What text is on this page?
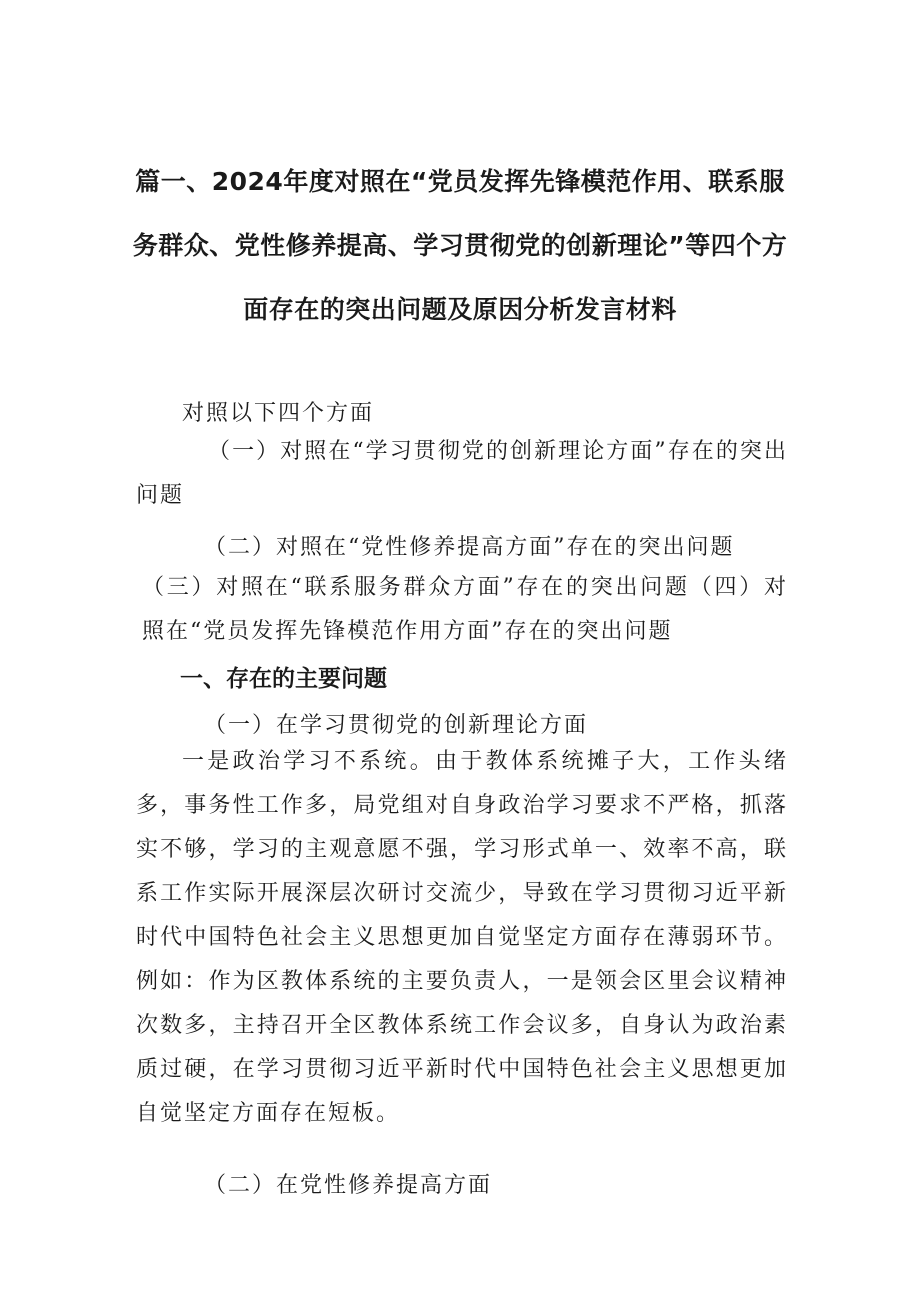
篇一、2024年度对照在“党员发挥先锋模范作用、联系服务群众、党性修养提高、学习贯彻党的创新理论”等四个方面存在的突出问题及原因分析发言材料

对照以下四个方面

（一）对照在“学习贯彻党的创新理论方面”存在的突出问题

（二）对照在“党性修养提高方面”存在的突出问题

（三）对照在“联系服务群众方面”存在的突出问题（四）对照在“党员发挥先锋模范作用方面”存在的突出问题

一、存在的主要问题

（一）在学习贯彻党的创新理论方面

一是政治学习不系统。由于教体系统摊子大，工作头绪多，事务性工作多，局党组对自身政治学习要求不严格，抓落实不够，学习的主观意愿不强，学习形式单一、效率不高，联系工作实际开展深层次研讨交流少，导致在学习贯彻习近平新时代中国特色社会主义思想更加自觉坚定方面存在薄弱环节。例如：作为区教体系统的主要负责人，一是领会区里会议精神次数多，主持召开全区教体系统工作会议多，自身认为政治素质过硬，在学习贯彻习近平新时代中国特色社会主义思想更加自觉坚定方面存在短板。

（二）在党性修养提高方面
